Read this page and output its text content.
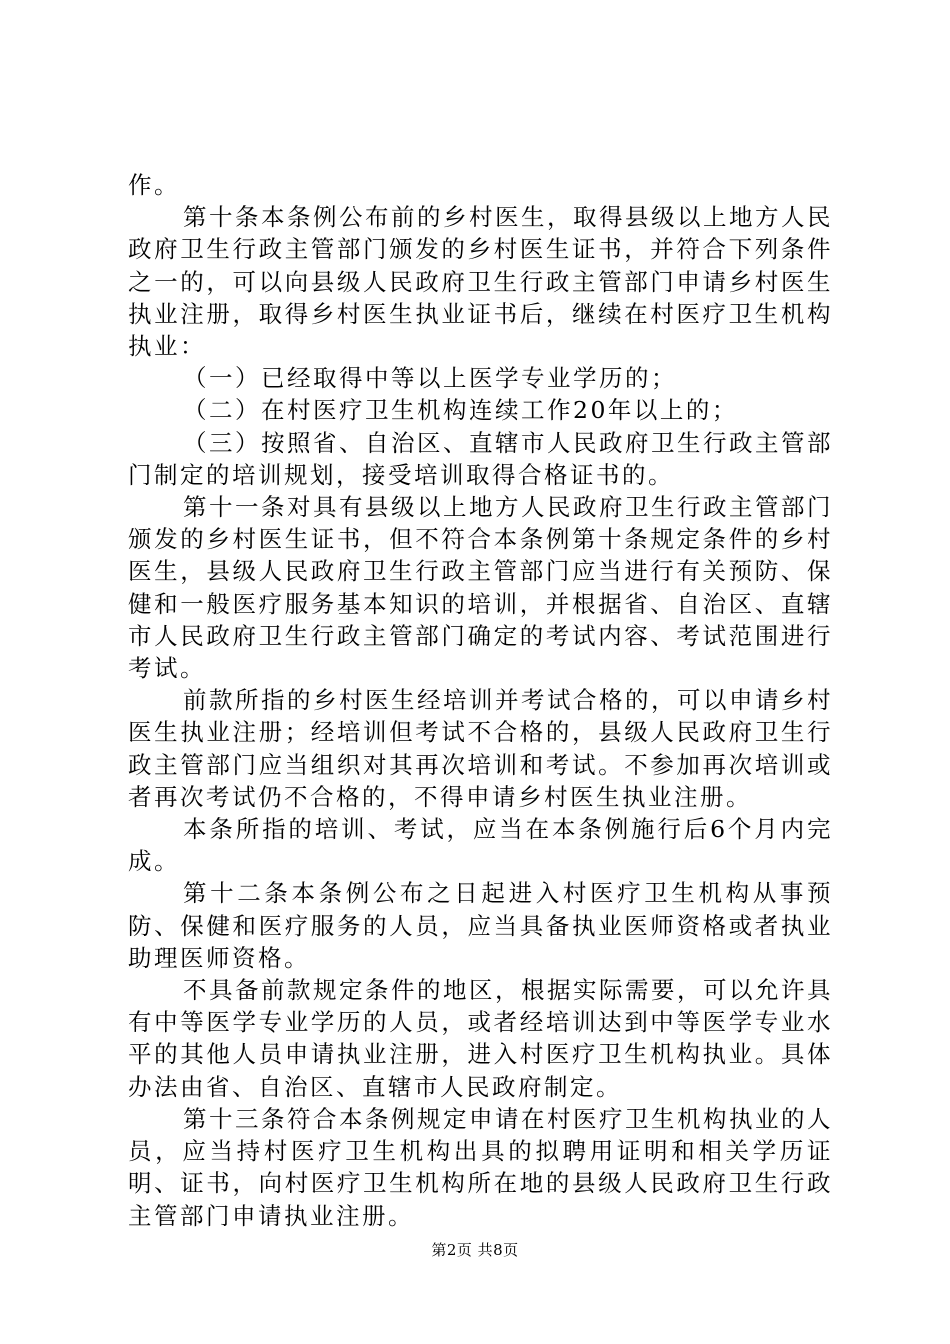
作。

第十条本条例公布前的乡村医生，取得县级以上地方人民政府卫生行政主管部门颁发的乡村医生证书，并符合下列条件之一的，可以向县级人民政府卫生行政主管部门申请乡村医生执业注册，取得乡村医生执业证书后，继续在村医疗卫生机构执业：

（一）已经取得中等以上医学专业学历的；

（二）在村医疗卫生机构连续工作20年以上的；

（三）按照省、自治区、直辖市人民政府卫生行政主管部门制定的培训规划，接受培训取得合格证书的。

第十一条对具有县级以上地方人民政府卫生行政主管部门颁发的乡村医生证书，但不符合本条例第十条规定条件的乡村医生，县级人民政府卫生行政主管部门应当进行有关预防、保健和一般医疗服务基本知识的培训，并根据省、自治区、直辖市人民政府卫生行政主管部门确定的考试内容、考试范围进行考试。

前款所指的乡村医生经培训并考试合格的，可以申请乡村医生执业注册；经培训但考试不合格的，县级人民政府卫生行政主管部门应当组织对其再次培训和考试。不参加再次培训或者再次考试仍不合格的，不得申请乡村医生执业注册。

本条所指的培训、考试，应当在本条例施行后6个月内完成。

第十二条本条例公布之日起进入村医疗卫生机构从事预防、保健和医疗服务的人员，应当具备执业医师资格或者执业助理医师资格。

不具备前款规定条件的地区，根据实际需要，可以允许具有中等医学专业学历的人员，或者经培训达到中等医学专业水平的其他人员申请执业注册，进入村医疗卫生机构执业。具体办法由省、自治区、直辖市人民政府制定。

第十三条符合本条例规定申请在村医疗卫生机构执业的人员，应当持村医疗卫生机构出具的拟聘用证明和相关学历证明、证书，向村医疗卫生机构所在地的县级人民政府卫生行政主管部门申请执业注册。

第2页 共8页
